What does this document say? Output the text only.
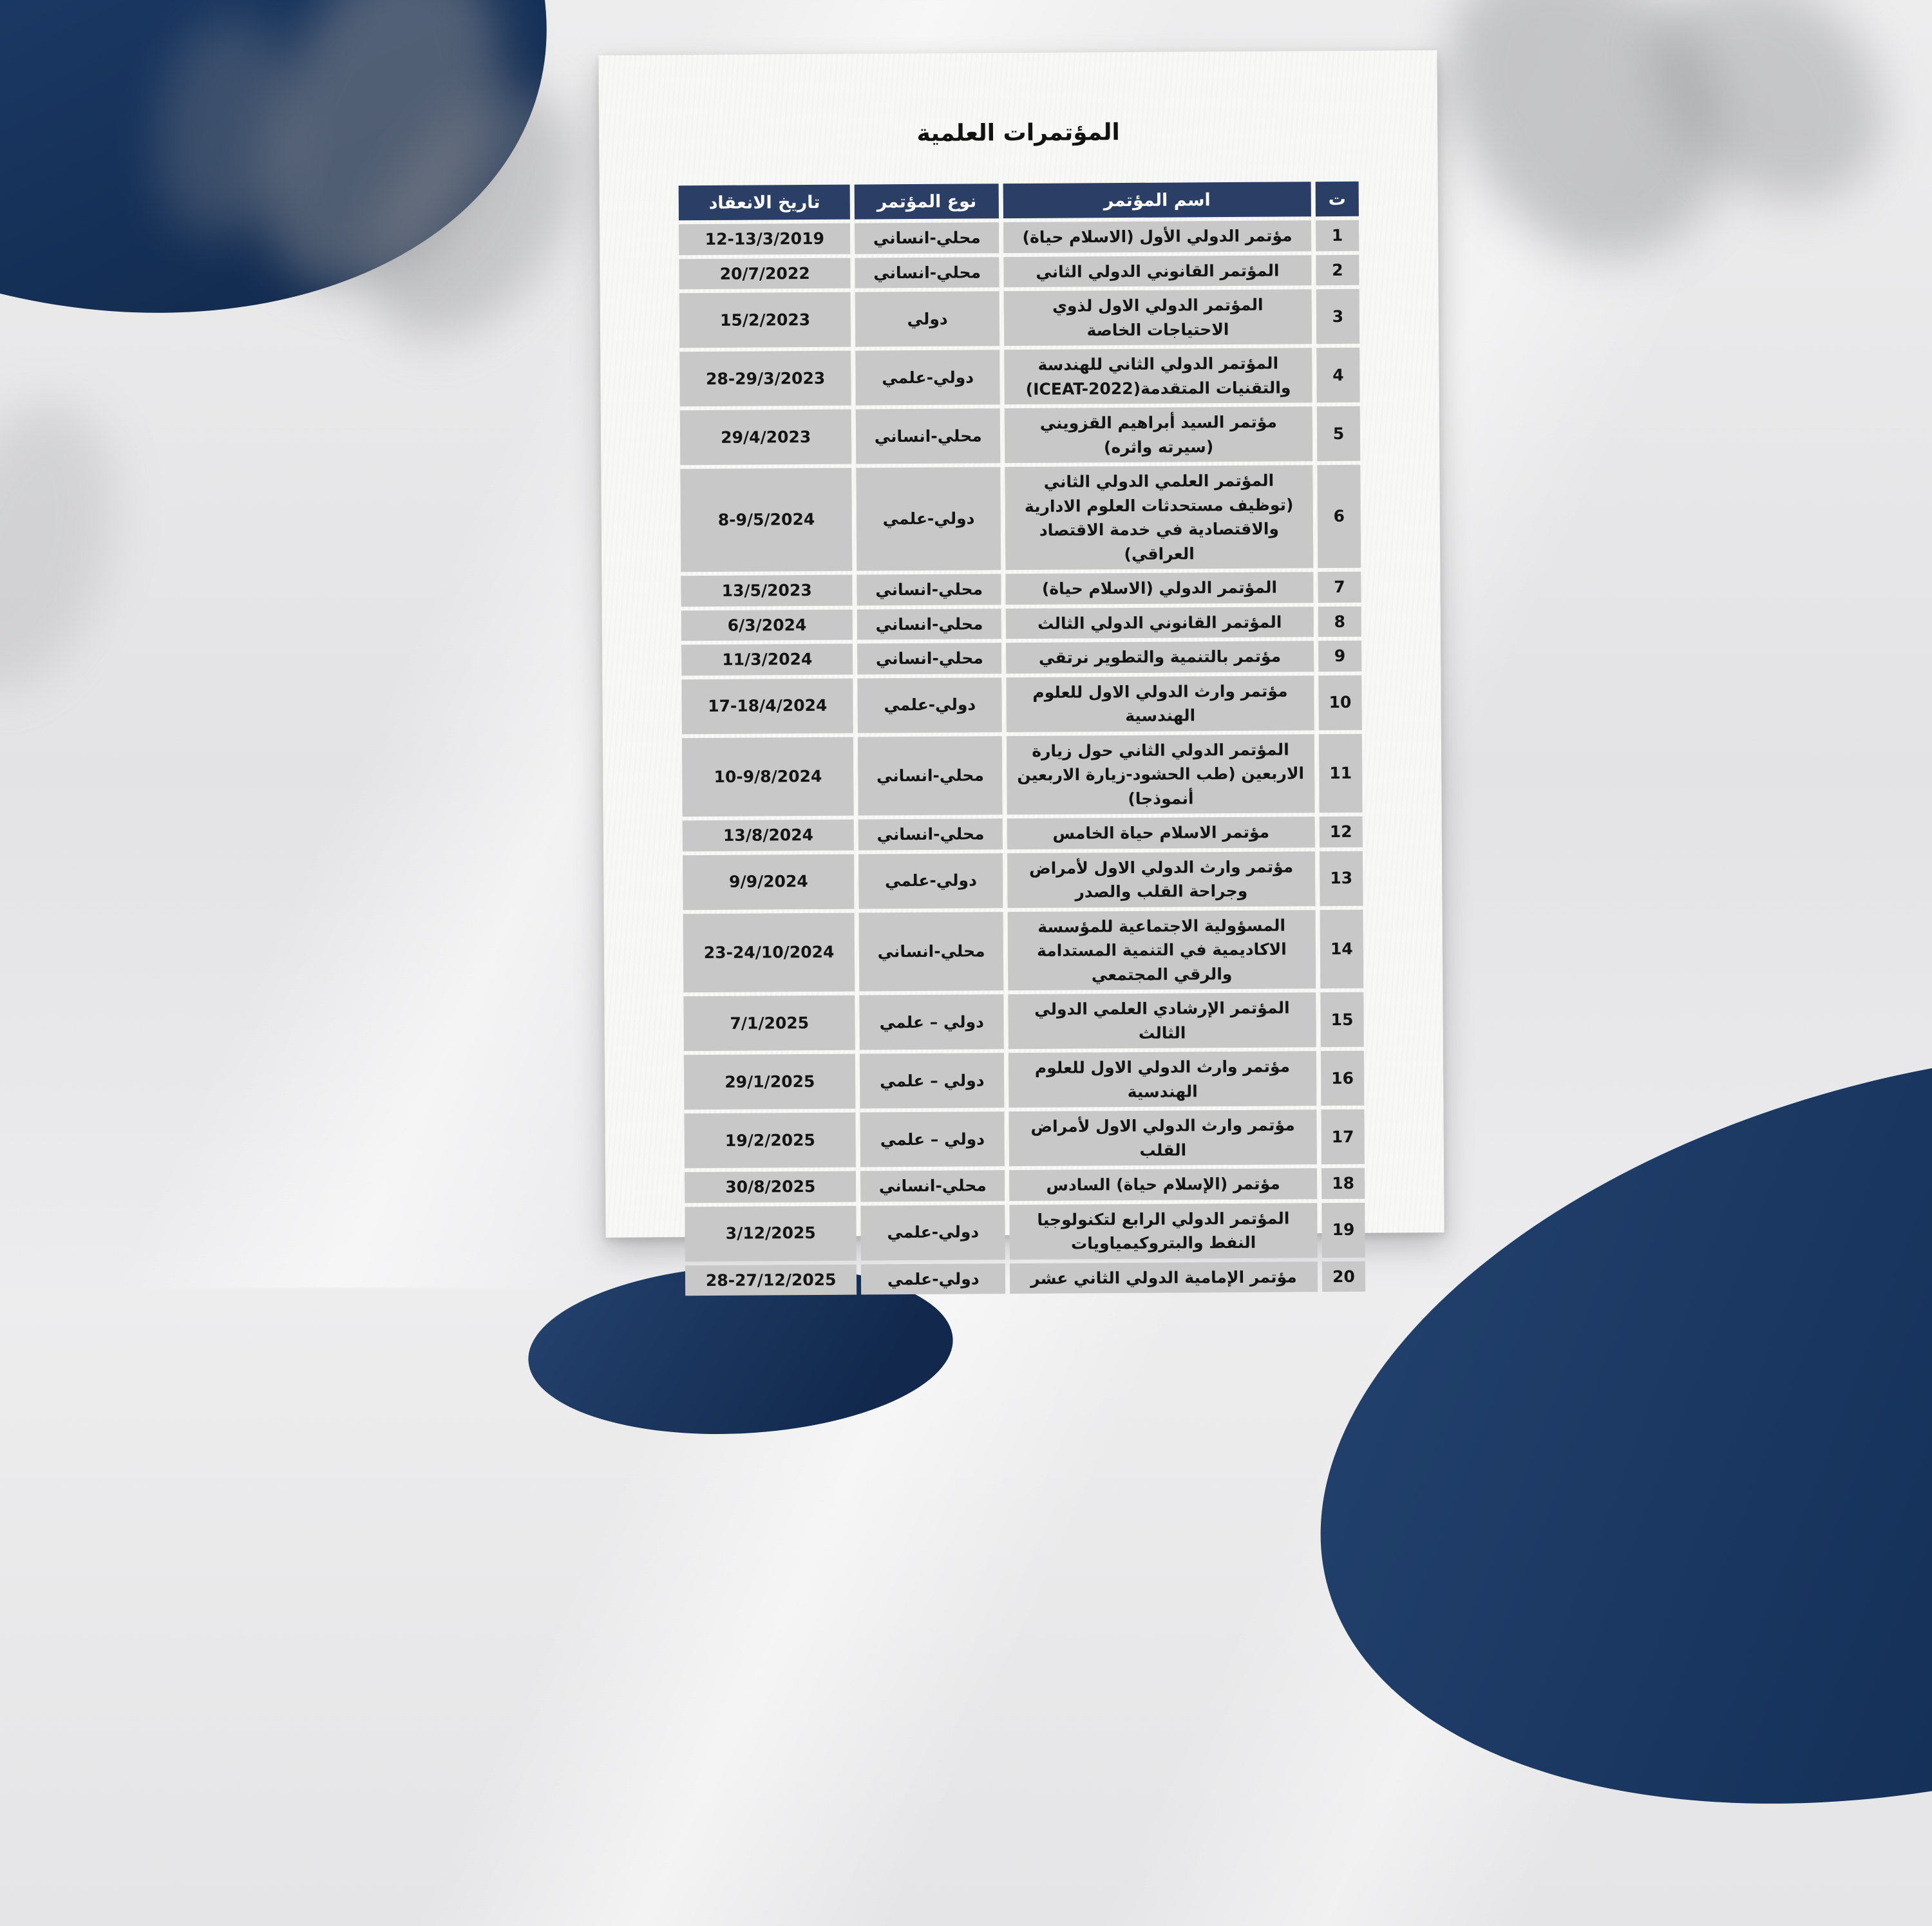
المؤتمرات العلمية
ت	اسم المؤتمر	نوع المؤتمر	تاريخ الانعقاد
1	مؤتمر الدولي الأول (الاسلام حياة)	محلي-انساني	12-13/3/2019
2	المؤتمر القانوني الدولي الثاني	محلي-انساني	20/7/2022
3	المؤتمر الدولي الاول لذوي الاحتياجات الخاصة	دولي	15/2/2023
4	المؤتمر الدولي الثاني للهندسة والتقنيات المتقدمة(ICEAT-2022)	دولي-علمي	28-29/3/2023
5	مؤتمر السيد أبراهيم القزويني (سيرته واثره)	محلي-انساني	29/4/2023
6	المؤتمر العلمي الدولي الثاني (توظيف مستحدثات العلوم الادارية والاقتصادية في خدمة الاقتصاد العراقي)	دولي-علمي	8-9/5/2024
7	المؤتمر الدولي (الاسلام حياة)	محلي-انساني	13/5/2023
8	المؤتمر القانوني الدولي الثالث	محلي-انساني	6/3/2024
9	مؤتمر بالتنمية والتطوير نرتقي	محلي-انساني	11/3/2024
10	مؤتمر وارث الدولي الاول للعلوم الهندسية	دولي-علمي	17-18/4/2024
11	المؤتمر الدولي الثاني حول زيارة الاربعين (طب الحشود-زيارة الاربعين أنموذجا)	محلي-انساني	10-9/8/2024
12	مؤتمر الاسلام حياة الخامس	محلي-انساني	13/8/2024
13	مؤتمر وارث الدولي الاول لأمراض وجراحة القلب والصدر	دولي-علمي	9/9/2024
14	المسؤولية الاجتماعية للمؤسسة الاكاديمية في التنمية المستدامة والرقي المجتمعي	محلي-انساني	23-24/10/2024
15	المؤتمر الإرشادي العلمي الدولي الثالث	دولي – علمي	7/1/2025
16	مؤتمر وارث الدولي الاول للعلوم الهندسية	دولي – علمي	29/1/2025
17	مؤتمر وارث الدولي الاول لأمراض القلب	دولي – علمي	19/2/2025
18	مؤتمر (الإسلام حياة) السادس	محلي-انساني	30/8/2025
19	المؤتمر الدولي الرابع لتكنولوجيا النفط والبتروكيمياويات	دولي-علمي	3/12/2025
20	مؤتمر الإمامية الدولي الثاني عشر	دولي-علمي	28-27/12/2025
